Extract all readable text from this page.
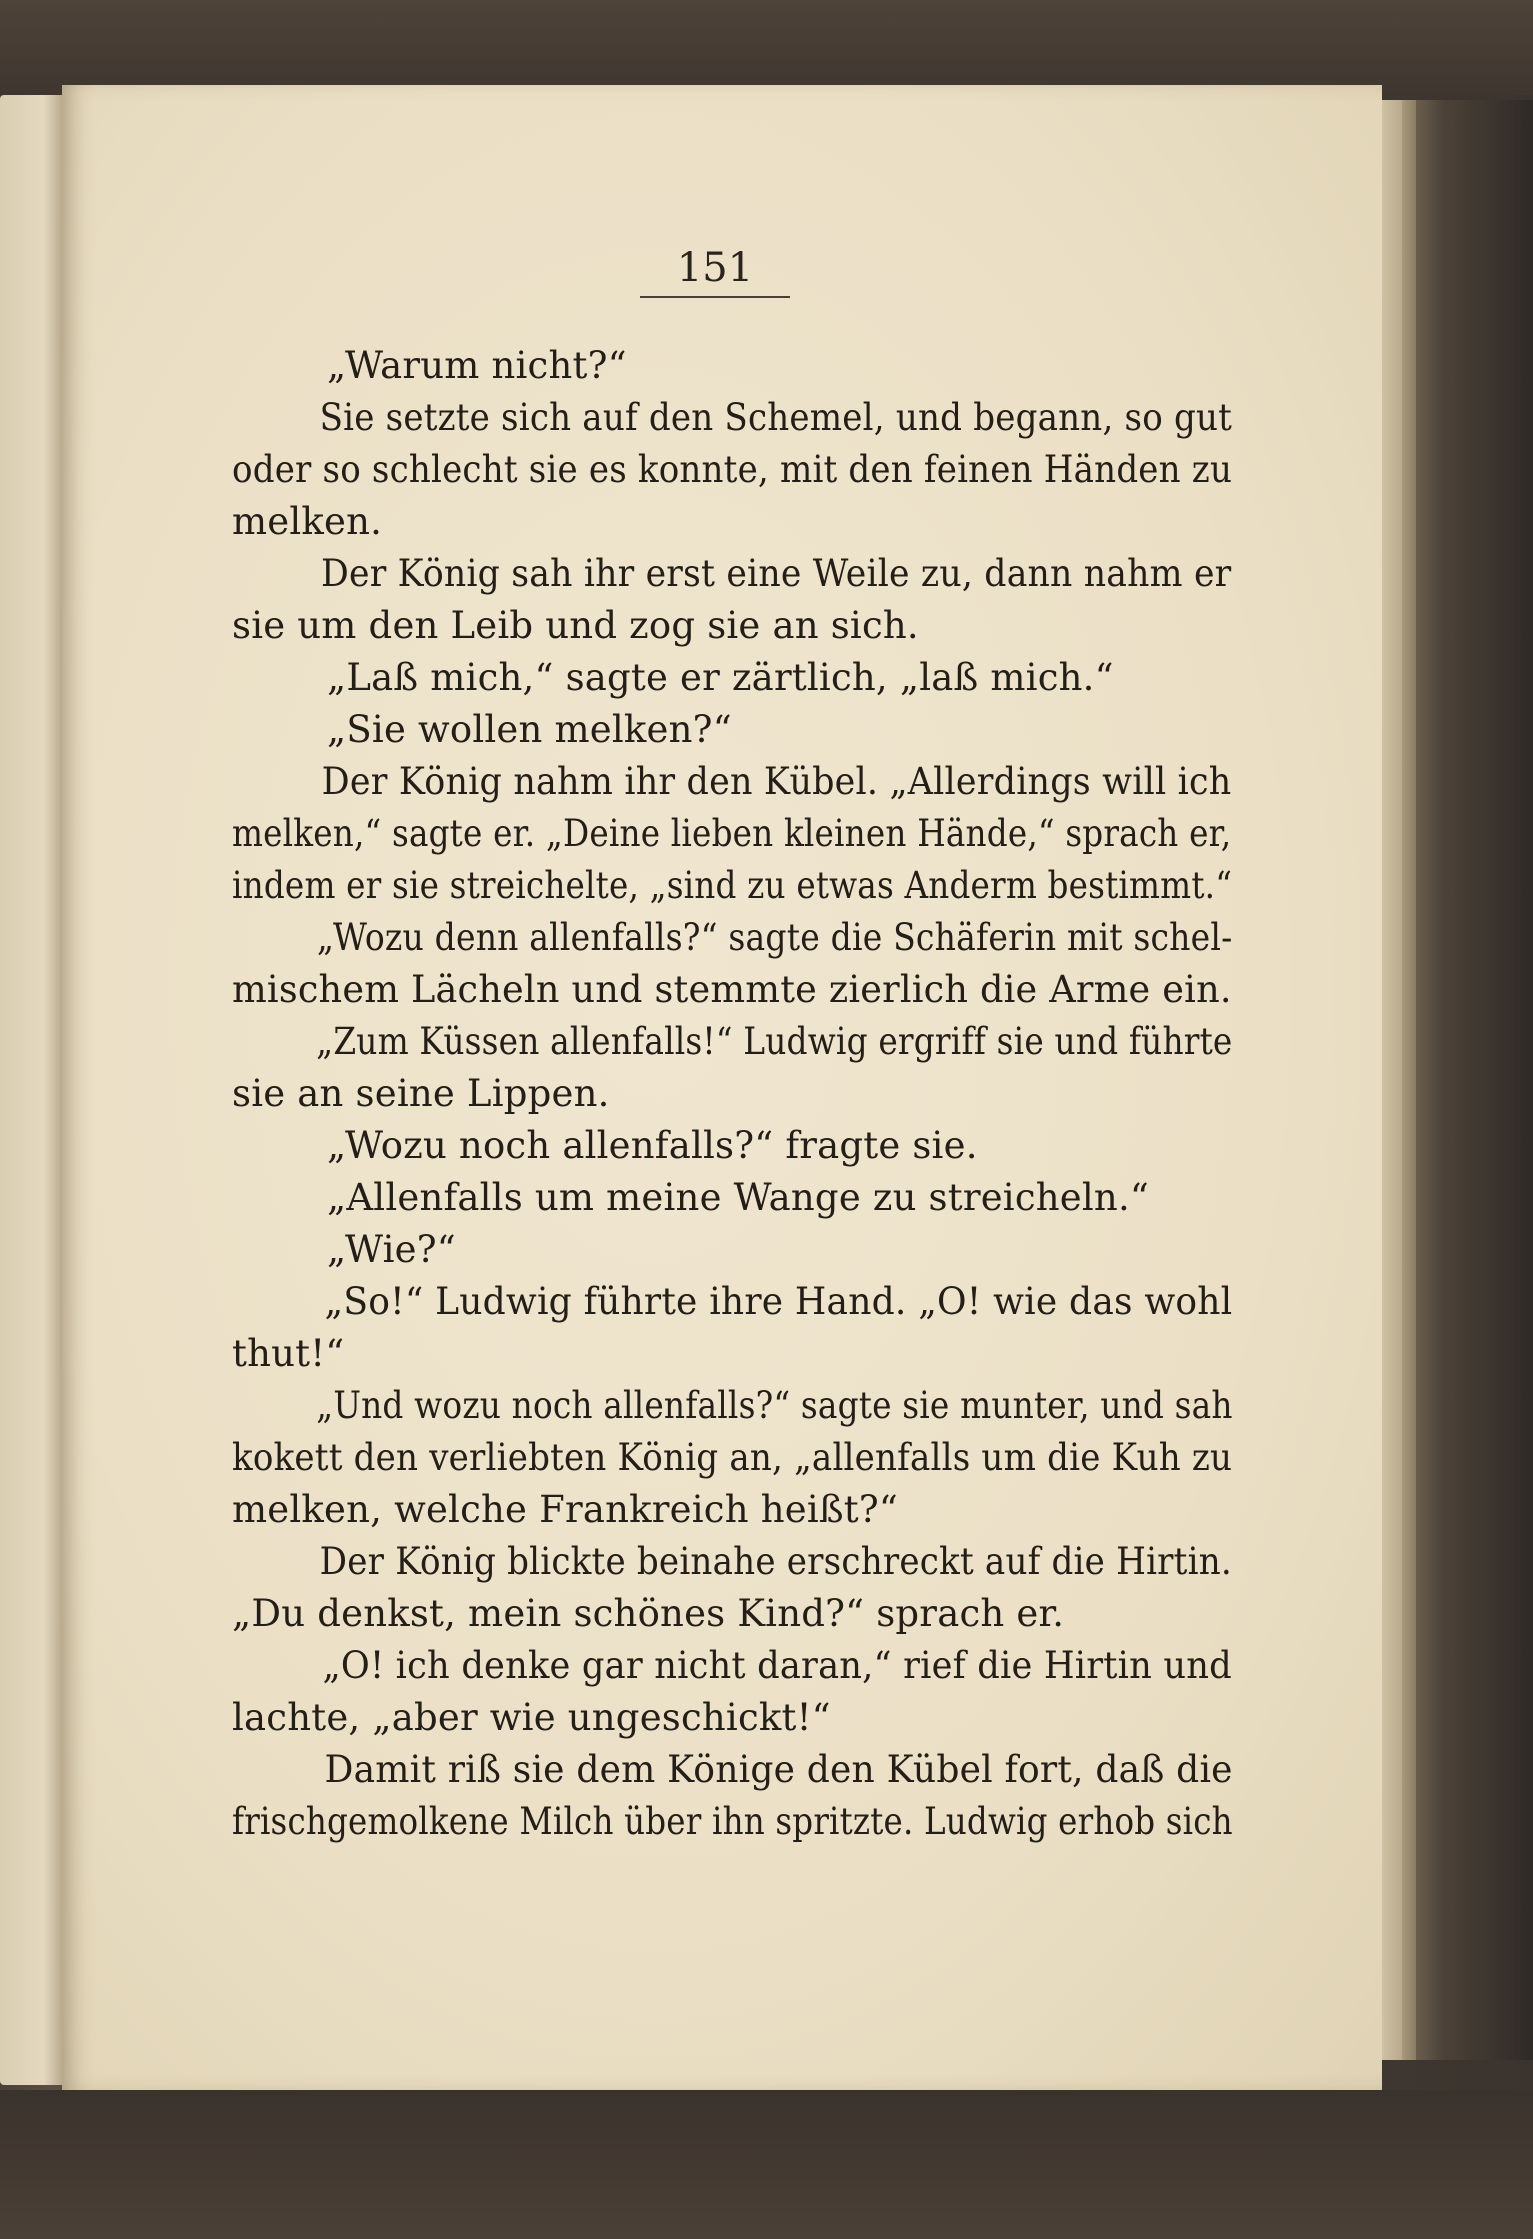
151
„Warum nicht?“
Sie setzte sich auf den Schemel, und begann, so gut
oder so schlecht sie es konnte, mit den feinen Händen zu
melken.
Der König sah ihr erst eine Weile zu, dann nahm er
sie um den Leib und zog sie an sich.
„Laß mich,“ sagte er zärtlich, „laß mich.“
„Sie wollen melken?“
Der König nahm ihr den Kübel. „Allerdings will ich
melken,“ sagte er. „Deine lieben kleinen Hände,“ sprach er,
indem er sie streichelte, „sind zu etwas Anderm bestimmt.“
„Wozu denn allenfalls?“ sagte die Schäferin mit schel-
mischem Lächeln und stemmte zierlich die Arme ein.
„Zum Küssen allenfalls!“ Ludwig ergriff sie und führte
sie an seine Lippen.
„Wozu noch allenfalls?“ fragte sie.
„Allenfalls um meine Wange zu streicheln.“
„Wie?“
„So!“ Ludwig führte ihre Hand. „O! wie das wohl
thut!“
„Und wozu noch allenfalls?“ sagte sie munter, und sah
kokett den verliebten König an, „allenfalls um die Kuh zu
melken, welche Frankreich heißt?“
Der König blickte beinahe erschreckt auf die Hirtin.
„Du denkst, mein schönes Kind?“ sprach er.
„O! ich denke gar nicht daran,“ rief die Hirtin und
lachte, „aber wie ungeschickt!“
Damit riß sie dem Könige den Kübel fort, daß die
frischgemolkene Milch über ihn spritzte. Ludwig erhob sich
